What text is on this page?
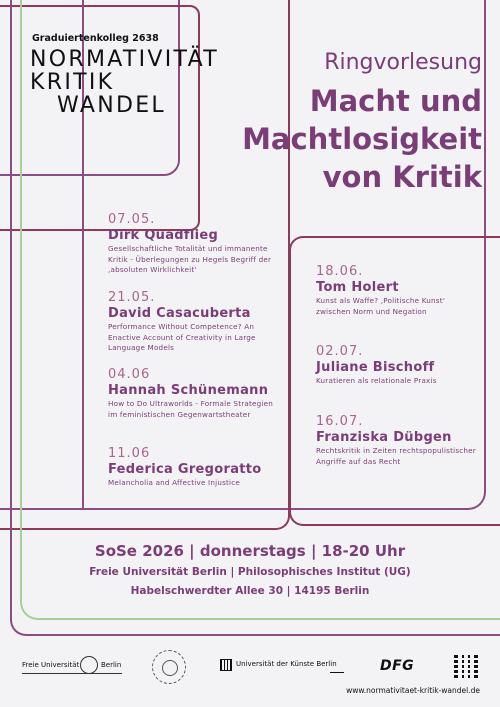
Graduiertenkolleg 2638
NORMATIVITÄT
KRITIK
WANDEL
Ringvorlesung
Macht und
Machtlosigkeit
von Kritik
07.05.
Dirk Quadflieg
Gesellschaftliche Totalität und immanente Kritik - Überlegungen zu Hegels Begriff der ‚absoluten Wirklichkeit‘
21.05.
David Casacuberta
Performance Without Competence? An Enactive Account of Creativity in Large Language Models
04.06
Hannah Schünemann
How to Do Ultraworlds - Formale Strategien im feministischen Gegenwartstheater
11.06
Federica Gregoratto
Melancholia and Affective Injustice
18.06.
Tom Holert
Kunst als Waffe? ‚Politische Kunst‘ zwischen Norm und Negation
02.07.
Juliane Bischoff
Kuratieren als relationale Praxis
16.07.
Franziska Dübgen
Rechtskritik in Zeiten rechtspopulistischer Angriffe auf das Recht
SoSe 2026 | donnerstags | 18-20 Uhr
Freie Universität Berlin | Philosophisches Institut (UG)
Habelschwerdter Allee 30 | 14195 Berlin
Freie Universität	Berlin	Universität der Künste Berlin	DFG
www.normativitaet-kritik-wandel.de
